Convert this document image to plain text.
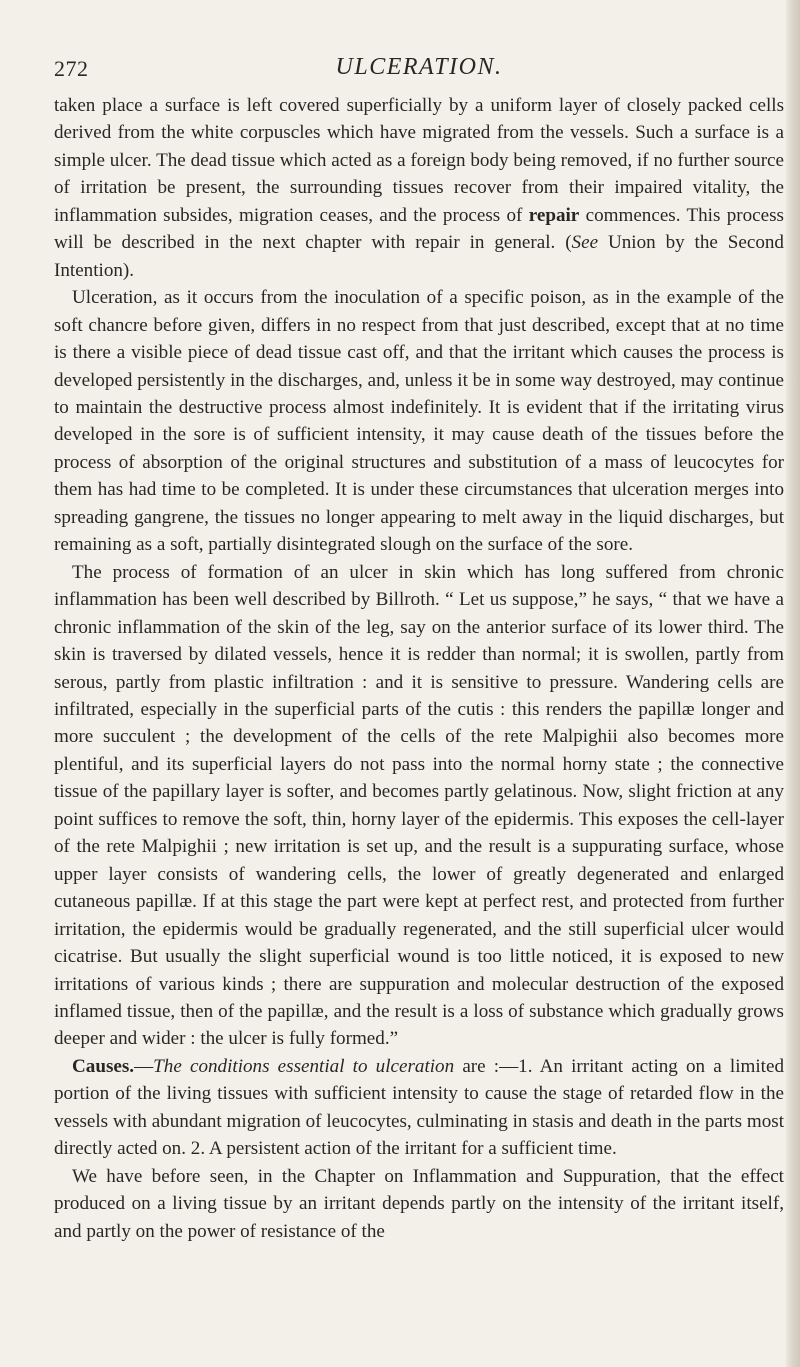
272	ULCERATION.

taken place a surface is left covered superficially by a uniform layer of closely packed cells derived from the white corpuscles which have migrated from the vessels. Such a surface is a simple ulcer. The dead tissue which acted as a foreign body being removed, if no further source of irritation be present, the surrounding tissues recover from their impaired vitality, the inflammation subsides, migration ceases, and the process of repair commences. This process will be described in the next chapter with repair in general. (See Union by the Second Intention).

Ulceration, as it occurs from the inoculation of a specific poison, as in the example of the soft chancre before given, differs in no respect from that just described, except that at no time is there a visible piece of dead tissue cast off, and that the irritant which causes the process is developed persistently in the discharges, and, unless it be in some way destroyed, may continue to maintain the destructive process almost indefinitely. It is evident that if the irritating virus developed in the sore is of sufficient intensity, it may cause death of the tissues before the process of absorption of the original structures and substitution of a mass of leucocytes for them has had time to be completed. It is under these circumstances that ulceration merges into spreading gangrene, the tissues no longer appearing to melt away in the liquid discharges, but remaining as a soft, partially disintegrated slough on the surface of the sore.

The process of formation of an ulcer in skin which has long suffered from chronic inflammation has been well described by Billroth. “ Let us suppose,” he says, “ that we have a chronic inflammation of the skin of the leg, say on the anterior surface of its lower third. The skin is traversed by dilated vessels, hence it is redder than normal; it is swollen, partly from serous, partly from plastic infiltration : and it is sensitive to pressure. Wandering cells are infiltrated, especially in the superficial parts of the cutis : this renders the papillæ longer and more succulent ; the development of the cells of the rete Malpighii also becomes more plentiful, and its superficial layers do not pass into the normal horny state ; the connective tissue of the papillary layer is softer, and becomes partly gelatinous. Now, slight friction at any point suffices to remove the soft, thin, horny layer of the epidermis. This exposes the cell-layer of the rete Malpighii ; new irritation is set up, and the result is a suppurating surface, whose upper layer consists of wandering cells, the lower of greatly degenerated and enlarged cutaneous papillæ. If at this stage the part were kept at perfect rest, and protected from further irritation, the epidermis would be gradually regenerated, and the still superficial ulcer would cicatrise. But usually the slight superficial wound is too little noticed, it is exposed to new irritations of various kinds ; there are suppuration and molecular destruction of the exposed inflamed tissue, then of the papillæ, and the result is a loss of substance which gradually grows deeper and wider : the ulcer is fully formed.”

Causes.—The conditions essential to ulceration are :—1. An irritant acting on a limited portion of the living tissues with sufficient intensity to cause the stage of retarded flow in the vessels with abundant migration of leucocytes, culminating in stasis and death in the parts most directly acted on. 2. A persistent action of the irritant for a sufficient time.

We have before seen, in the Chapter on Inflammation and Suppuration, that the effect produced on a living tissue by an irritant depends partly on the intensity of the irritant itself, and partly on the power of resistance of the
